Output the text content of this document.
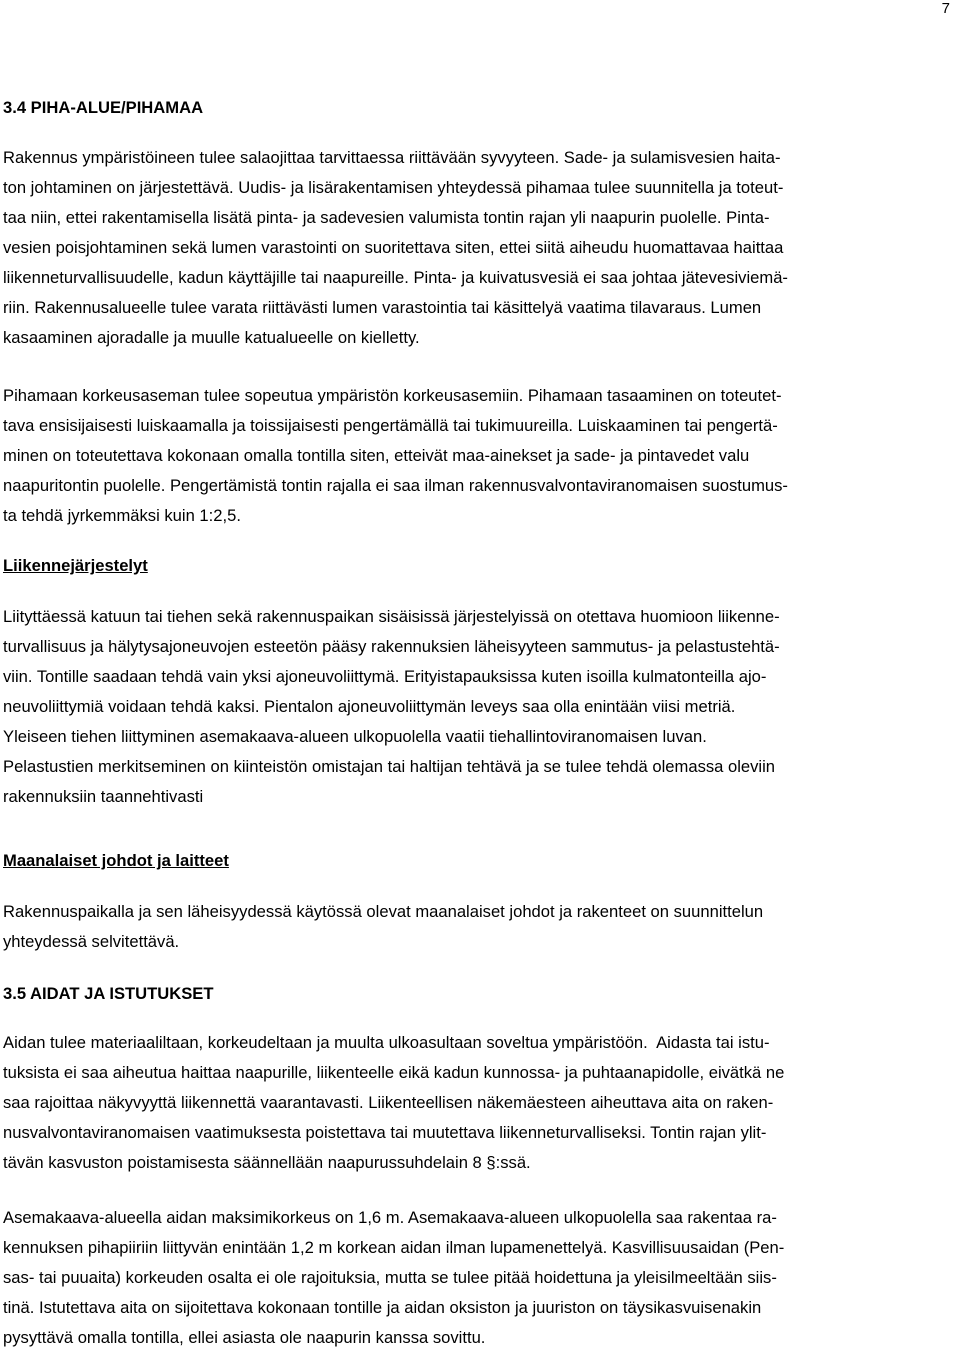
7
3.4 PIHA-ALUE/PIHAMAA
Rakennus ympäristöineen tulee salaojittaa tarvittaessa riittävään syvyyteen. Sade- ja sulamisvesien haita-
ton johtaminen on järjestettävä. Uudis- ja lisärakentamisen yhteydessä pihamaa tulee suunnitella ja toteut-
taa niin, ettei rakentamisella lisätä pinta- ja sadevesien valumista tontin rajan yli naapurin puolelle. Pinta-
vesien poisjohtaminen sekä lumen varastointi on suoritettava siten, ettei siitä aiheudu huomattavaa haittaa
liikenneturvallisuudelle, kadun käyttäjille tai naapureille. Pinta- ja kuivatusvesiä ei saa johtaa jätevesiviemä-
riin. Rakennusalueelle tulee varata riittävästi lumen varastointia tai käsittelyä vaatima tilavaraus. Lumen
kasaaminen ajoradalle ja muulle katualueelle on kielletty.
Pihamaan korkeusaseman tulee sopeutua ympäristön korkeusasemiin. Pihamaan tasaaminen on toteutet-
tava ensisijaisesti luiskaamalla ja toissijaisesti pengertämällä tai tukimuureilla. Luiskaaminen tai pengertä-
minen on toteutettava kokonaan omalla tontilla siten, etteivät maa-ainekset ja sade- ja pintavedet valu
naapuritontin puolelle. Pengertämistä tontin rajalla ei saa ilman rakennusvalvontaviranomaisen suostumus-
ta tehdä jyrkemmäksi kuin 1:2,5.
Liikennejärjestelyt
Liityttäessä katuun tai tiehen sekä rakennuspaikan sisäisissä järjestelyissä on otettava huomioon liikenne-
turvallisuus ja hälytysajoneuvojen esteetön pääsy rakennuksien läheisyyteen sammutus- ja pelastustehtä-
viin. Tontille saadaan tehdä vain yksi ajoneuvoliittymä. Erityistapauksissa kuten isoilla kulmatonteilla ajo-
neuvoliittymiä voidaan tehdä kaksi. Pientalon ajoneuvoliittymän leveys saa olla enintään viisi metriä.
Yleiseen tiehen liittyminen asemakaava-alueen ulkopuolella vaatii tiehallintoviranomaisen luvan.
Pelastustien merkitseminen on kiinteistön omistajan tai haltijan tehtävä ja se tulee tehdä olemassa oleviin
rakennuksiin taannehtivasti
Maanalaiset johdot ja laitteet
Rakennuspaikalla ja sen läheisyydessä käytössä olevat maanalaiset johdot ja rakenteet on suunnittelun
yhteydessä selvitettävä.
3.5 AIDAT JA ISTUTUKSET
Aidan tulee materiaaliltaan, korkeudeltaan ja muulta ulkoasultaan soveltua ympäristöön.  Aidasta tai istu-
tuksista ei saa aiheutua haittaa naapurille, liikenteelle eikä kadun kunnossa- ja puhtaanapidolle, eivätkä ne
saa rajoittaa näkyvyyttä liikennettä vaarantavasti. Liikenteellisen näkemäesteen aiheuttava aita on raken-
nusvalvontaviranomaisen vaatimuksesta poistettava tai muutettava liikenneturvalliseksi. Tontin rajan ylit-
tävän kasvuston poistamisesta säännellään naapurussuhdelain 8 §:ssä.
Asemakaava-alueella aidan maksimikorkeus on 1,6 m. Asemakaava-alueen ulkopuolella saa rakentaa ra-
kennuksen pihapiiriin liittyvän enintään 1,2 m korkean aidan ilman lupamenettelyä. Kasvillisuusaidan (Pen-
sas- tai puuaita) korkeuden osalta ei ole rajoituksia, mutta se tulee pitää hoidettuna ja yleisilmeeltään siis-
tinä. Istutettava aita on sijoitettava kokonaan tontille ja aidan oksiston ja juuriston on täysikasvuisenakin
pysyttävä omalla tontilla, ellei asiasta ole naapurin kanssa sovittu.
